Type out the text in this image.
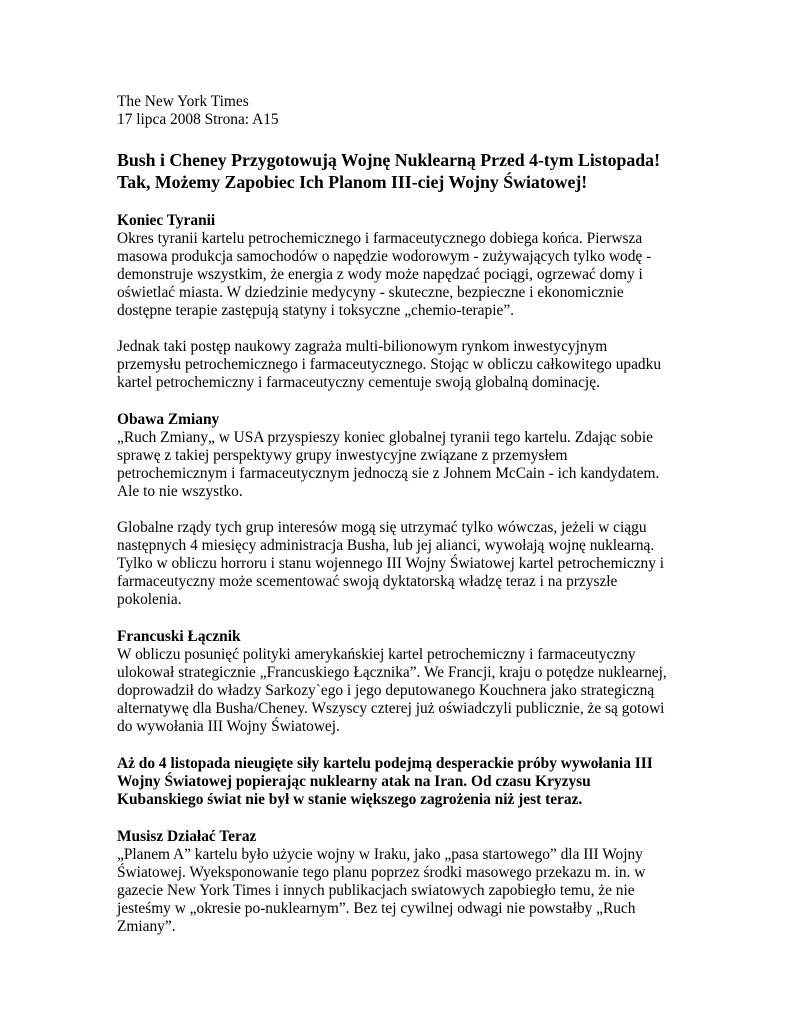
The New York Times
17 lipca 2008 Strona: A15
Bush i Cheney Przygotowują Wojnę Nuklearną Przed 4-tym Listopada!
Tak, Możemy Zapobiec Ich Planom III-ciej Wojny Światowej!
Koniec Tyranii
Okres tyranii kartelu petrochemicznego i farmaceutycznego dobiega końca. Pierwsza
masowa produkcja samochodów o napędzie wodorowym - zużywających tylko wodę -
demonstruje wszystkim, że energia z wody może napędzać pociągi, ogrzewać domy i
oświetlać miasta. W dziedzinie medycyny - skuteczne, bezpieczne i ekonomicznie
dostępne terapie zastępują statyny i toksyczne „chemio-terapie”.
Jednak taki postęp naukowy zagraża multi-bilionowym rynkom inwestycyjnym
przemysłu petrochemicznego i farmaceutycznego. Stojąc w obliczu całkowitego upadku
kartel petrochemiczny i farmaceutyczny cementuje swoją globalną dominację.
Obawa Zmiany
„Ruch Zmiany„ w USA przyspieszy koniec globalnej tyranii tego kartelu. Zdając sobie
sprawę z takiej perspektywy grupy inwestycyjne związane z przemysłem
petrochemicznym i farmaceutycznym jednoczą sie z Johnem McCain - ich kandydatem.
Ale to nie wszystko.
Globalne rządy tych grup interesów mogą się utrzymać tylko wówczas, jeżeli w ciągu
następnych 4 miesięcy administracja Busha, lub jej alianci, wywołają wojnę nuklearną.
Tylko w obliczu horroru i stanu wojennego III Wojny Światowej kartel petrochemiczny i
farmaceutyczny może scementować swoją dyktatorską władzę teraz i na przyszłe
pokolenia.
Francuski Łącznik
W obliczu posunięć polityki amerykańskiej kartel petrochemiczny i farmaceutyczny
ulokował strategicznie „Francuskiego Łącznika”. We Francji, kraju o potędze nuklearnej,
doprowadził do władzy Sarkozy`ego i jego deputowanego Kouchnera jako strategiczną
alternatywę dla Busha/Cheney. Wszyscy czterej już oświadczyli publicznie, że są gotowi
do wywołania III Wojny Światowej.
Aż do 4 listopada nieugięte siły kartelu podejmą desperackie próby wywołania III
Wojny Światowej popierając nuklearny atak na Iran. Od czasu Kryzysu
Kubanskiego świat nie był w stanie większego zagrożenia niż jest teraz.
Musisz Działać Teraz
„Planem A” kartelu było użycie wojny w Iraku, jako „pasa startowego” dla III Wojny
Światowej. Wyeksponowanie tego planu poprzez środki masowego przekazu m. in. w
gazecie New York Times i innych publikacjach swiatowych zapobiegło temu, że nie
jesteśmy w „okresie po-nuklearnym”. Bez tej cywilnej odwagi nie powstałby „Ruch
Zmiany”.
